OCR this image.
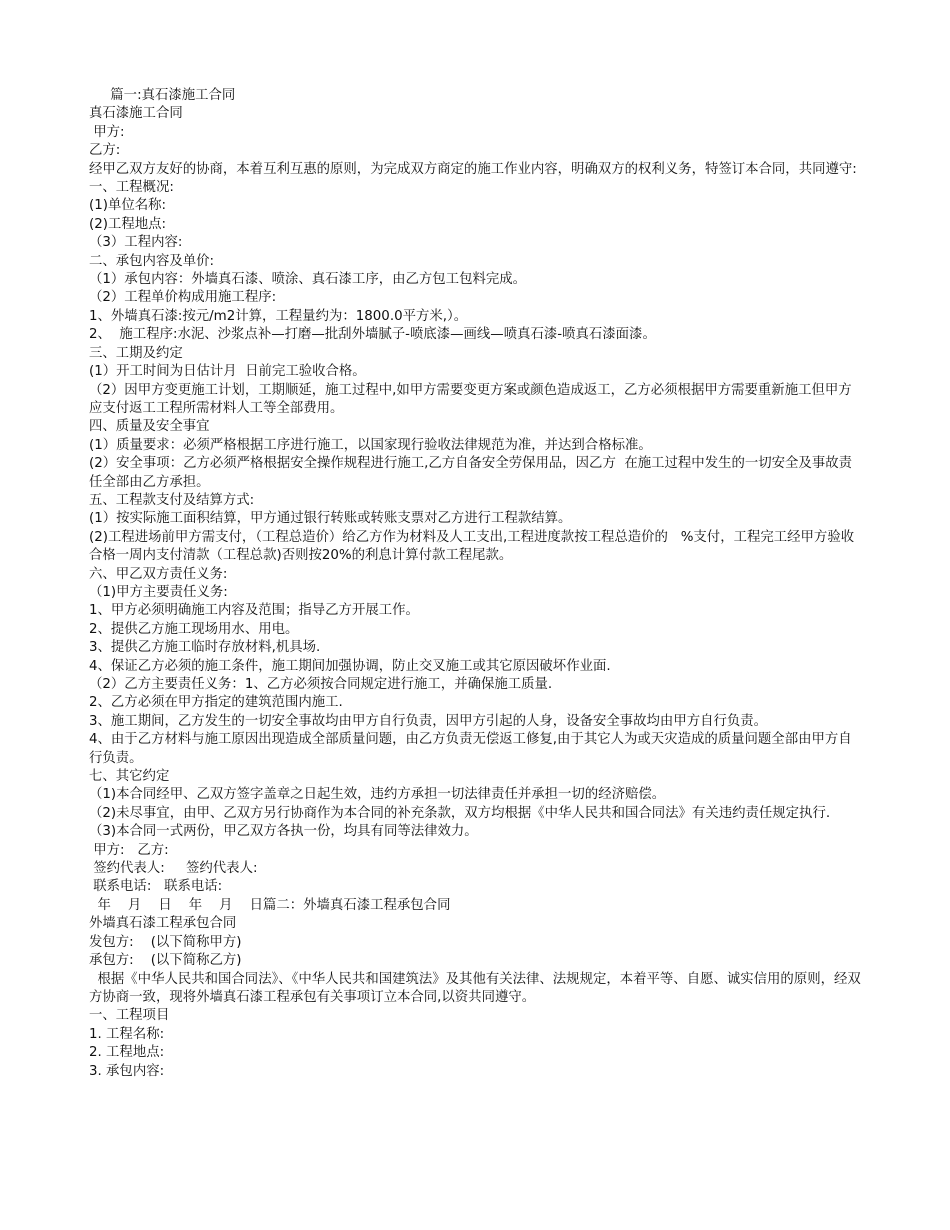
篇一:真石漆施工合同

真石漆施工合同

甲方:

乙方:

经甲乙双方友好的协商，本着互利互惠的原则，为完成双方商定的施工作业内容，明确双方的权利义务，特签订本合同，共同遵守:

一、工程概况:

(1)单位名称:

(2)工程地点:

（3）工程内容:

二、承包内容及单价:

（1）承包内容：外墙真石漆、喷涂、真石漆工序，由乙方包工包料完成。

（2）工程单价构成用施工程序:

1、外墙真石漆:按元/m2计算，工程量约为：1800.0平方米,）。

2、  施工程序:水泥、沙浆点补—打磨—批刮外墙腻子-喷底漆—画线—喷真石漆-喷真石漆面漆。

三、工期及约定

(1）开工时间为日估计月  日前完工验收合格。

（2）因甲方变更施工计划，工期顺延，施工过程中,如甲方需要变更方案或颜色造成返工，乙方必须根据甲方需要重新施工但甲方应支付返工工程所需材料人工等全部费用。

四、质量及安全事宜

(1）质量要求：必须严格根据工序进行施工，以国家现行验收法律规范为准，并达到合格标准。

(2）安全事项：乙方必须严格根据安全操作规程进行施工,乙方自备安全劳保用品，因乙方  在施工过程中发生的一切安全及事故责任全部由乙方承担。

五、工程款支付及结算方式:

(1）按实际施工面积结算，甲方通过银行转账或转账支票对乙方进行工程款结算。

(2)工程进场前甲方需支付，（工程总造价）给乙方作为材料及人工支出,工程进度款按工程总造价的   %支付，工程完工经甲方验收合格一周内支付清款（工程总款)否则按20%的利息计算付款工程尾款。

六、甲乙双方责任义务:

（1)甲方主要责任义务:

1、甲方必须明确施工内容及范围；指导乙方开展工作。

2、提供乙方施工现场用水、用电。

3、提供乙方施工临时存放材料,机具场.

4、保证乙方必须的施工条件，施工期间加强协调，防止交叉施工或其它原因破坏作业面.

（2）乙方主要责任义务：1、乙方必须按合同规定进行施工，并确保施工质量.

2、乙方必须在甲方指定的建筑范围内施工.

3、施工期间，乙方发生的一切安全事故均由甲方自行负责，因甲方引起的人身，设备安全事故均由甲方自行负责。

4、由于乙方材料与施工原因出现造成全部质量问题，由乙方负责无偿返工修复,由于其它人为或天灾造成的质量问题全部由甲方自行负责。

七、其它约定

（1)本合同经甲、乙双方签字盖章之日起生效，违约方承担一切法律责任并承担一切的经济赔偿。

（2)未尽事宜，由甲、乙双方另行协商作为本合同的补充条款，双方均根据《中华人民共和国合同法》有关违约责任规定执行.

（3)本合同一式两份，甲乙双方各执一份，均具有同等法律效力。

甲方:   乙方:

签约代表人:     签约代表人:

联系电话:   联系电话:

年    月    日    年    月    日篇二：外墙真石漆工程承包合同

外墙真石漆工程承包合同

发包方:    (以下简称甲方)

承包方:    (以下简称乙方)

根据《中华人民共和国合同法》、《中华人民共和国建筑法》及其他有关法律、法规规定，本着平等、自愿、诚实信用的原则，经双方协商一致，现将外墙真石漆工程承包有关事项订立本合同,以资共同遵守。

一、工程项目

1. 工程名称:

2. 工程地点:

3. 承包内容:
